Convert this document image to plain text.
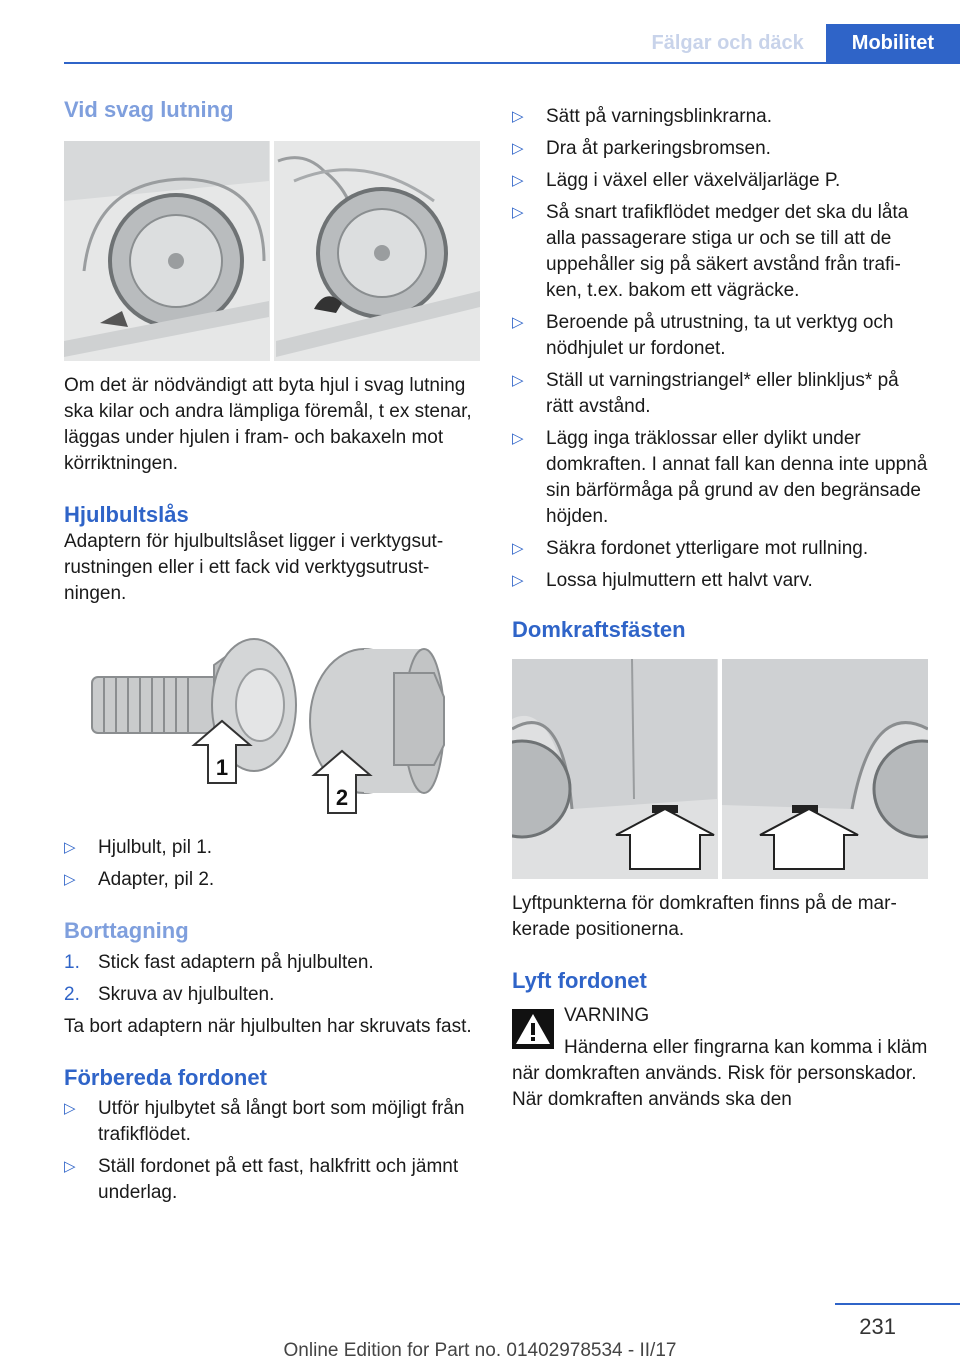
Fälgar och däck	Mobilitet
Vid svag lutning

Om det är nödvändigt att byta hjul i svag lutning ska kilar och andra lämpliga föremål, t ex stenar, läggas under hjulen i fram- och bakaxeln mot körriktningen.

Hjulbultslås

Adaptern för hjulbultslåset ligger i verktygsutrustningen eller i ett fack vid verktygsutrustningen.

1
2
▷	Hjulbult, pil 1.
▷	Adapter, pil 2.
Borttagning
1. Stick fast adaptern på hjulbulten.
2. Skruva av hjulbulten.

Ta bort adaptern när hjulbulten har skruvats fast.

Förbereda fordonet
▷	Utför hjulbytet så långt bort som möjligt från trafikflödet.
▷	Ställ fordonet på ett fast, halkfritt och jämnt underlag.
▷	Sätt på varningsblinkrarna.
▷	Dra åt parkeringsbromsen.
▷	Lägg i växel eller växelväljarläge P.
▷	Så snart trafikflödet medger det ska du låta alla passagerare stiga ur och se till att de uppehåller sig på säkert avstånd från trafiken, t.ex. bakom ett vägräcke.
▷	Beroende på utrustning, ta ut verktyg och nödhjulet ur fordonet.
▷	Ställ ut varningstriangel* eller blinkljus* på rätt avstånd.
▷	Lägg inga träklossar eller dylikt under domkraften. I annat fall kan denna inte uppnå sin bärförmåga på grund av den begränsade höjden.
▷	Säkra fordonet ytterligare mot rullning.
▷	Lossa hjulmuttern ett halvt varv.
Domkraftsfästen

Lyftpunkterna för domkraften finns på de markerade positionerna.

Lyft fordonet
VARNING

Händerna eller fingrarna kan komma i kläm när domkraften används. Risk för personskador. När domkraften används ska den

231
Online Edition for Part no. 01402978534 - II/17
